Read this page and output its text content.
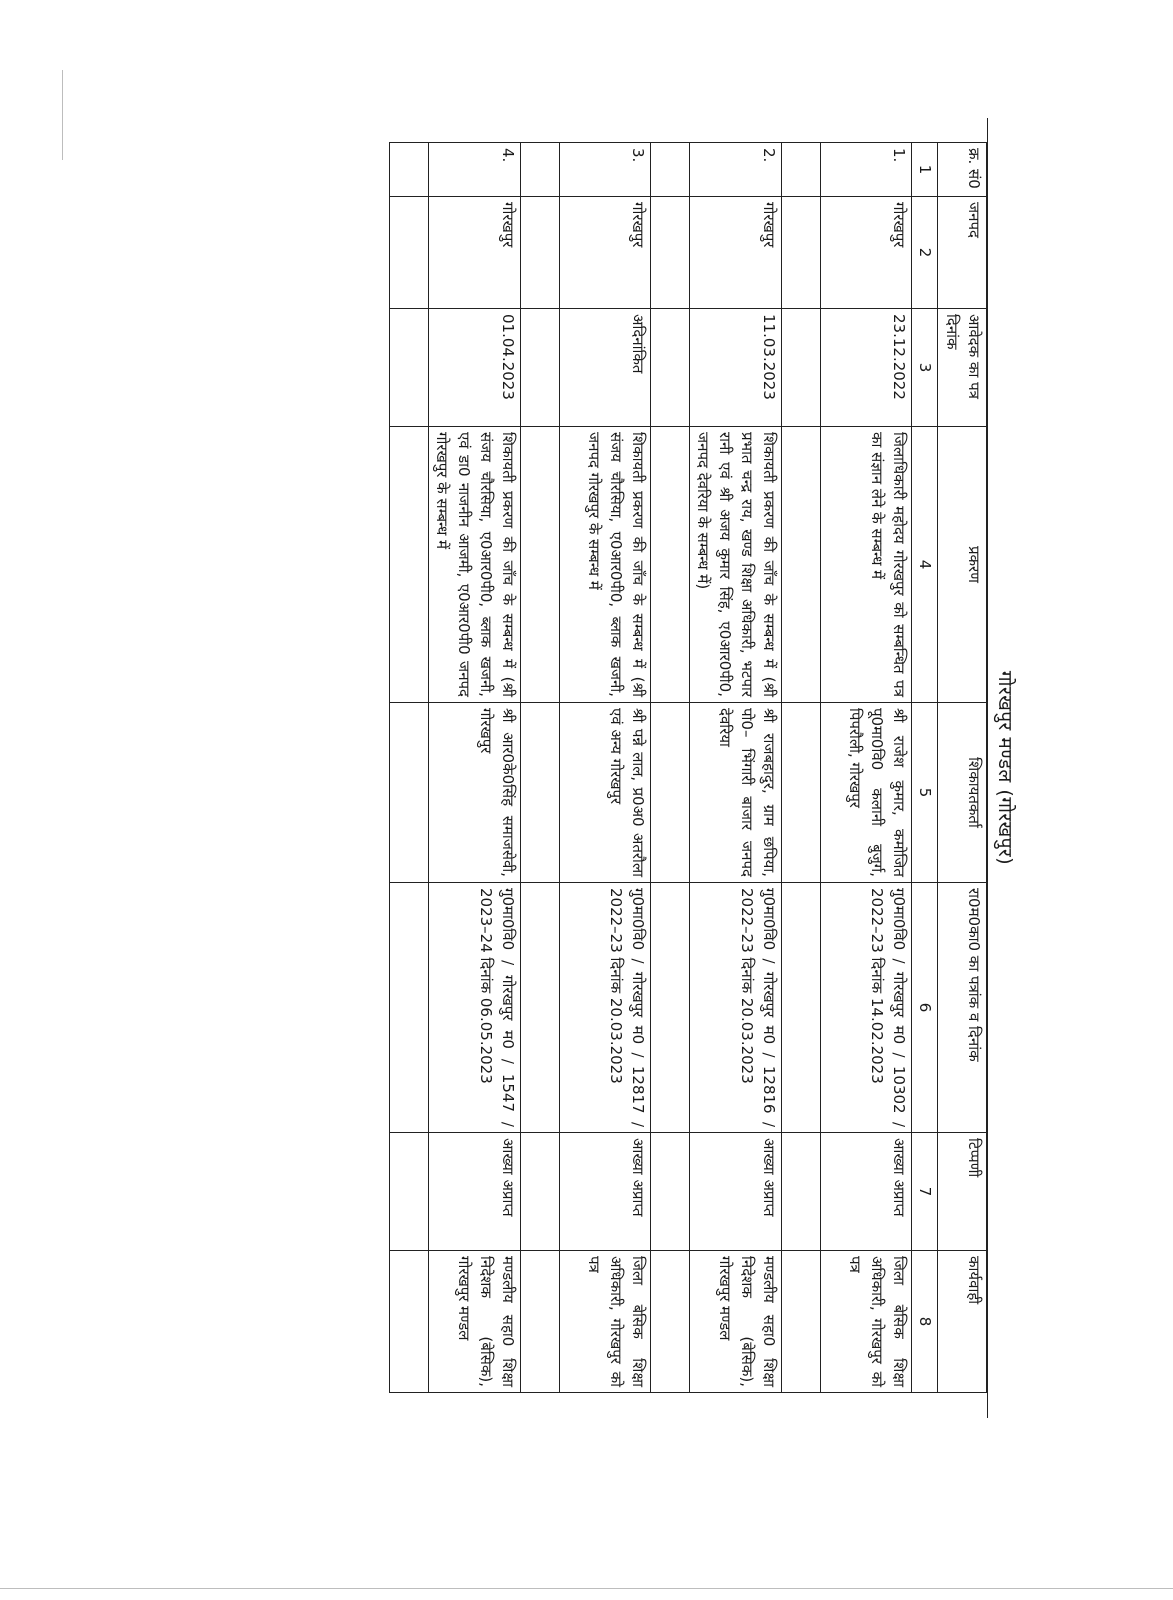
गोरखपुर मण्डल (गोरखपुर)
क्र. सं0	जनपद	आवेदक का पत्र दिनांक	प्रकरण	शिकायतकर्ता	रा0म0का0 का पत्रांक व दिनांक	टिप्पणी	कार्यवाही
1	2	3	4	5	6	7	8
1.	गोरखपुर	23.12.2022	जिलाधिकारी महोदय गोरखपुर को सम्बन्धित पत्र का संज्ञान लेने के सम्बन्ध में	श्री राजेश कुमार, कमोजित पू0मा0वि0 कलानी बुजुर्ग, पिपरौली, गोरखपुर	गु0मा0वि0 / गोरखपुर म0 / 10302 / 2022–23 दिनांक 14.02.2023	आख्या अप्राप्त	जिला बेसिक शिक्षा अधिकारी, गोरखपुर को पत्र

2.	गोरखपुर	11.03.2023	शिकायती प्रकरण की जाँच के सम्बन्ध में (श्री प्रभात चन्द्र राय, खण्ड शिक्षा अधिकारी, भटपार रानी एवं श्री अजय कुमार सिंह, ए0आर0पी0, जनपद देवरिया के सम्बन्ध में)	श्री राजबहादुर, ग्राम छपिया, पो0– भिंगारी बाजार जनपद देवरिया	गु0मा0वि0 / गोरखपुर म0 / 12816 / 2022–23 दिनांक 20.03.2023	आख्या अप्राप्त	मण्डलीय सहा0 शिक्षा निदेशक (बेसिक), गोरखपुर मण्डल

3.	गोरखपुर	अदिनांकित	शिकायती प्रकरण की जाँच के सम्बन्ध में (श्री संजय चौरसिया, ए0आर0पी0, ब्लाक खजनी, जनपद गोरखपुर के सम्बन्ध में	श्री पन्ने लाल, प्र0अ0 अतरौला एवं अन्य गोरखपुर	गु0मा0वि0 / गोरखपुर म0 / 12817 / 2022–23 दिनांक 20.03.2023	आख्या अप्राप्त	जिला बेसिक शिक्षा अधिकारी, गोरखपुर को पत्र

4.	गोरखपुर	01.04.2023	शिकायती प्रकरण की जाँच के सम्बन्ध में (श्री संजय चौरसिया, ए0आर0पी0, ब्लाक खजनी, एवं डा0 नाजनीन आजमी, ए0आर0पी0 जनपद गोरखपुर के सम्बन्ध में	श्री आर0के0सिंह समाजसेवी, गोरखपुर	गु0मा0वि0 / गोरखपुर म0 / 1547 / 2023–24 दिनांक 06.05.2023	आख्या अप्राप्त	मण्डलीय सहा0 शिक्षा निदेशक (बेसिक), गोरखपुर मण्डल
